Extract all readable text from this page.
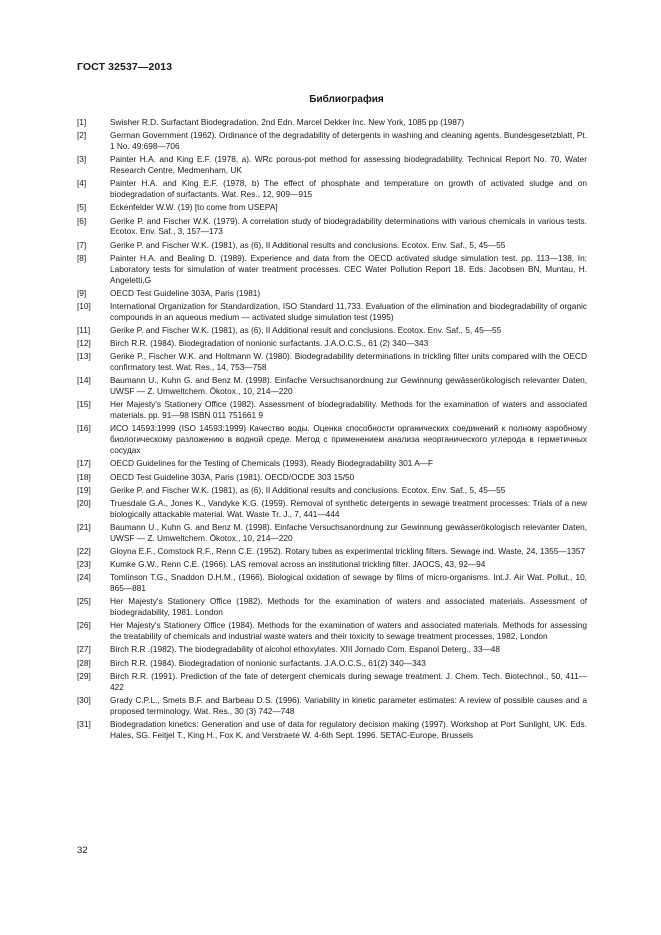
ГОСТ 32537—2013
Библиография
[1]	Swisher R.D. Surfactant Biodegradation, 2nd Edn. Marcel Dekker Inc. New York, 1085 pp (1987)
[2]	German Government (1962). Ordinance of the degradability of detergents in washing and cleaning agents. Bundesgesetzblatt, Pt. 1 No. 49:698—706
[3]	Painter H.A. and King E.F. (1978, a). WRc porous-pot method for assessing biodegradability. Technical Report No. 70, Water Research Centre, Medmenham, UK
[4]	Painter H.A. and King E.F. (1978, b) The effect of phosphate and temperature on growth of activated sludge and on biodegradation of surfactants. Wat. Res., 12, 909—915
[5]	Eckenfelder W.W. (19) [to come from USEPA]
[6]	Gerike P. and Fischer W.K. (1979). A correlation study of biodegradability determinations with various chemicals in various tests. Ecotox. Env. Saf., 3, 157—173
[7]	Gerike P. and Fischer W.K. (1981), as (6), II Additional results and conclusions. Ecotox. Env. Saf., 5, 45—55
[8]	Painter H.A. and Bealing D. (1989). Experience and data from the OECD activated sludge simulation test. pp. 113—138, In: Laboratory tests for simulation of water treatment processes. CEC Water Pollution Report 18. Eds. Jacobsen BN, Muntau, H. Angeletti,G
[9]	OECD Test Guideline 303A, Paris (1981)
[10]	International Organization for Standardization, ISO Standard 11,733. Evaluation of the elimination and biodegradability of organic compounds in an aqueous medium — activated sludge simulation test (1995)
[11]	Gerike P. and Fischer W.K. (1981), as (6), II Additional result and conclusions. Ecotox. Env. Saf., 5, 45—55
[12]	Birch R.R. (1984). Biodegradation of nonionic surfactants. J.A.O.C.S., 61 (2) 340—343
[13]	Gerike P., Fischer W.K. and Holtmann W. (1980). Biodegradability determinations in trickling filter units compared with the OECD confirmatory test. Wat. Res., 14, 753—758
[14]	Baumann U., Kuhn G. and Benz M. (1998). Einfache Versuchsanordnung zur Gewinnung gewässerökologisch relevanter Daten, UWSF — Z. Umweltchem. Ökotox., 10, 214—220
[15]	Her Majesty's Stationery Office (1982). Assessment of biodegradability. Methods for the examination of waters and associated materials. pp. 91—98 ISBN 011 751661 9
[16]	ИСО 14593:1999 (ISO 14593:1999) Качество воды. Оценка способности органических соединений к полному аэробному биологическому разложению в водной среде. Метод с применением анализа неорганического углерода в герметичных сосудах
[17]	OECD Guidelines for the Testing of Chemicals (1993). Ready Biodegradability 301 A—F
[18]	OECD Test Guideline 303A, Paris (1981). OECD/OCDE 303 15/50
[19]	Gerike P. and Fischer W.K. (1981), as (6), II Additional results and conclusions. Ecotox. Env. Saf., 5, 45—55
[20]	Truesdale G.A., Jones K., Vandyke K.G. (1959). Removal of synthetic detergents in sewage treatment processes: Trials of a new biologically attackable material. Wat. Waste Tr. J., 7, 441—444
[21]	Baumann U., Kuhn G. and Benz M. (1998). Einfache Versuchsanordnung zur Gewinnung gewässerökologisch relevanter Daten, UWSF — Z. Umweltchem. Ökotox., 10, 214—220
[22]	Gloyna E.F., Comstock R.F., Renn C.E. (1952). Rotary tubes as experimental trickling filters. Sewage ind. Waste, 24, 1355—1357
[23]	Kumke G.W., Renn C.E. (1966). LAS removal across an institutional trickling filter. JAOCS, 43, 92—94
[24]	Tomlinson T.G., Snaddon D.H.M., (1966). Biological oxidation of sewage by films of micro-organisms. Int.J. Air Wat. Pollut., 10, 865—881
[25]	Her Majesty's Stationery Office (1982). Methods for the examination of waters and associated materials. Assessment of biodegradability, 1981. London
[26]	Her Majesty's Stationery Office (1984). Methods for the examination of waters and associated materials. Methods for assessing the treatability of chemicals and industrial waste waters and their toxicity to sewage treatment processes, 1982, London
[27]	Birch R.R .(1982). The biodegradability of alcohol ethoxylates. XIII Jornado Com. Espanol Deterg., 33—48
[28]	Birch R.R. (1984). Biodegradation of nonionic surfactants. J.A.O.C.S., 61(2) 340—343
[29]	Birch R.R. (1991). Prediction of the fate of detergent chemicals during sewage treatment. J. Chem. Tech. Biotechnol., 50, 411—422
[30]	Grady C.P.L., Smets B.F. and Barbeau D.S. (1996). Variability in kinetic parameter estimates: A review of possible causes and a proposed terminology. Wat. Res., 30 (3) 742—748
[31]	Biodegradation kinetics: Generation and use of data for regulatory decision making (1997). Workshop at Port Sunlight, UK. Eds. Hales, SG. Feitjel T., King H., Fox K. and Verstraete W. 4-6th Sept. 1996. SETAC-Europe, Brussels
32
